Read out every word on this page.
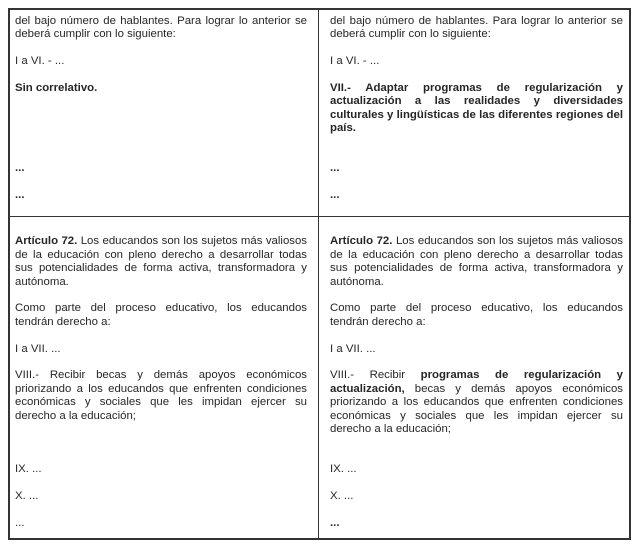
del bajo número de hablantes. Para lograr lo anterior se deberá cumplir con lo siguiente:

I a VI. - ...

Sin correlativo.

...

...

del bajo número de hablantes. Para lograr lo anterior se deberá cumplir con lo siguiente:

I a VI. - ...

VII.- Adaptar programas de regularización y actualización a las realidades y diversidades culturales y lingüísticas de las diferentes regiones del país.

...

...

Artículo 72. Los educandos son los sujetos más valiosos de la educación con pleno derecho a desarrollar todas sus potencialidades de forma activa, transformadora y autónoma.

Como parte del proceso educativo, los educandos tendrán derecho a:

I a VII. ...

VIII.- Recibir becas y demás apoyos económicos priorizando a los educandos que enfrenten condiciones económicas y sociales que les impidan ejercer su derecho a la educación;

IX. ...

X. ...

...

Artículo 72. Los educandos son los sujetos más valiosos de la educación con pleno derecho a desarrollar todas sus potencialidades de forma activa, transformadora y autónoma.

Como parte del proceso educativo, los educandos tendrán derecho a:

I a VII. ...

VIII.- Recibir programas de regularización y actualización, becas y demás apoyos económicos priorizando a los educandos que enfrenten condiciones económicas y sociales que les impidan ejercer su derecho a la educación;

IX. ...

X. ...

...
